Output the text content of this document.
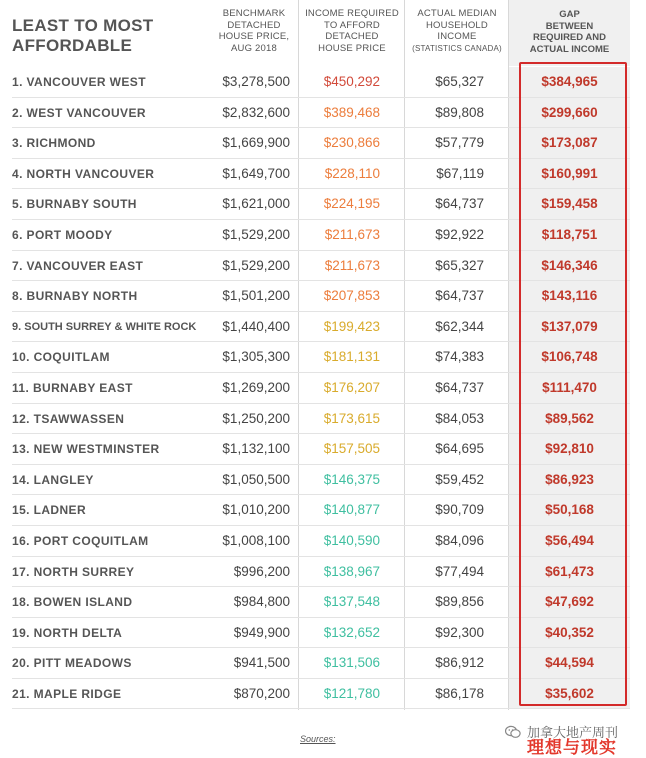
LEAST TO MOST
AFFORDABLE
BENCHMARK
DETACHED
HOUSE PRICE,
AUG 2018
INCOME REQUIRED
TO AFFORD
DETACHED
HOUSE PRICE
ACTUAL MEDIAN
HOUSEHOLD
INCOME
(STATISTICS CANADA)
GAP
BETWEEN
REQUIRED AND
ACTUAL INCOME
1. VANCOUVER WEST	$3,278,500	$450,292	$65,327	$384,965
2. WEST VANCOUVER	$2,832,600	$389,468	$89,808	$299,660
3. RICHMOND	$1,669,900	$230,866	$57,779	$173,087
4. NORTH VANCOUVER	$1,649,700	$228,110	$67,119	$160,991
5. BURNABY SOUTH	$1,621,000	$224,195	$64,737	$159,458
6. PORT MOODY	$1,529,200	$211,673	$92,922	$118,751
7. VANCOUVER EAST	$1,529,200	$211,673	$65,327	$146,346
8. BURNABY NORTH	$1,501,200	$207,853	$64,737	$143,116
9. SOUTH SURREY & WHITE ROCK	$1,440,400	$199,423	$62,344	$137,079
10. COQUITLAM	$1,305,300	$181,131	$74,383	$106,748
11. BURNABY EAST	$1,269,200	$176,207	$64,737	$111,470
12. TSAWWASSEN	$1,250,200	$173,615	$84,053	$89,562
13. NEW WESTMINSTER	$1,132,100	$157,505	$64,695	$92,810
14. LANGLEY	$1,050,500	$146,375	$59,452	$86,923
15. LADNER	$1,010,200	$140,877	$90,709	$50,168
16. PORT COQUITLAM	$1,008,100	$140,590	$84,096	$56,494
17. NORTH SURREY	$996,200	$138,967	$77,494	$61,473
18. BOWEN ISLAND	$984,800	$137,548	$89,856	$47,692
19. NORTH DELTA	$949,900	$132,652	$92,300	$40,352
20. PITT MEADOWS	$941,500	$131,506	$86,912	$44,594
21. MAPLE RIDGE	$870,200	$121,780	$86,178	$35,602
Sources:	加拿大地产周刊
理想与现实
